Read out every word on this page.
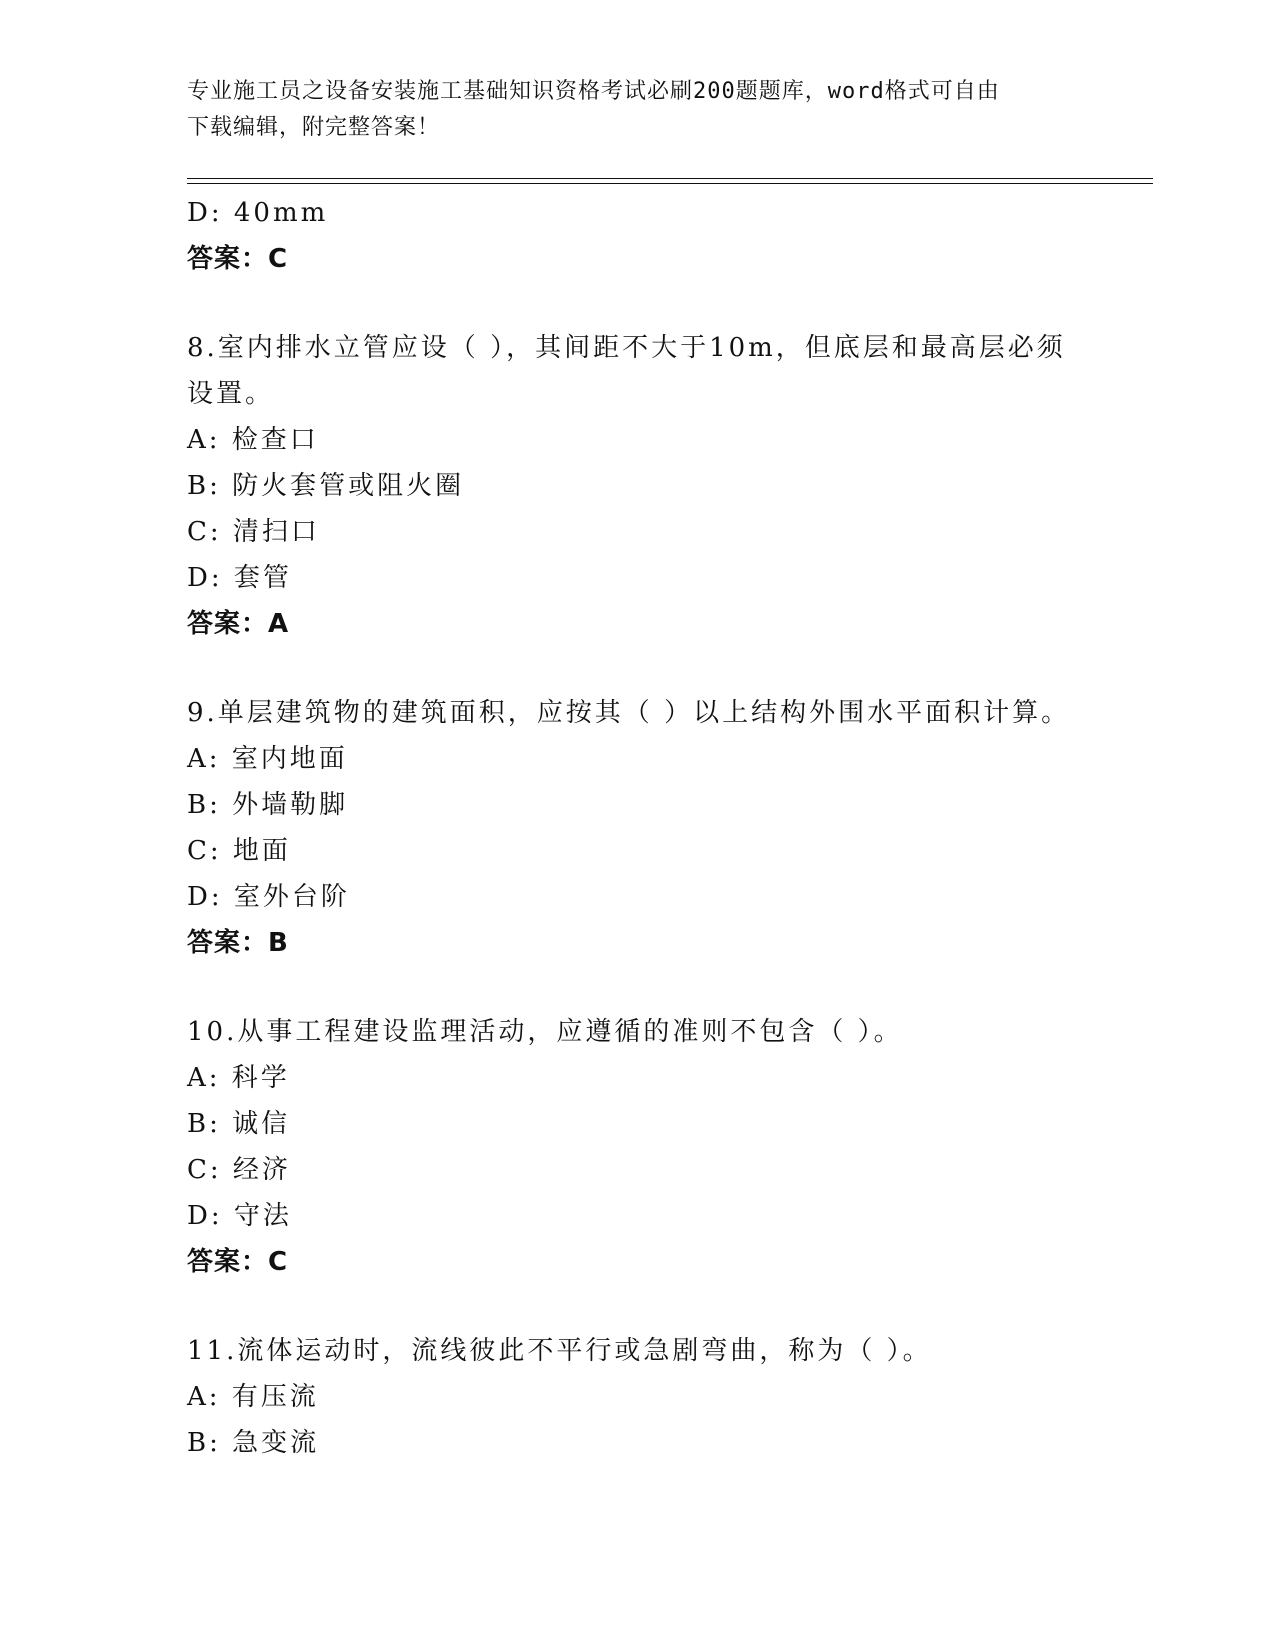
专业施工员之设备安装施工基础知识资格考试必刷200题题库，word格式可自由
下载编辑，附完整答案！
D: 40mm
答案：C
8.室内排水立管应设（ ），其间距不大于10m，但底层和最高层必须
设置。
A: 检查口
B: 防火套管或阻火圈
C: 清扫口
D: 套管
答案：A
9.单层建筑物的建筑面积，应按其（ ）以上结构外围水平面积计算。
A: 室内地面
B: 外墙勒脚
C: 地面
D: 室外台阶
答案：B
10.从事工程建设监理活动，应遵循的准则不包含（ ）。
A: 科学
B: 诚信
C: 经济
D: 守法
答案：C
11.流体运动时，流线彼此不平行或急剧弯曲，称为（ ）。
A: 有压流
B: 急变流
